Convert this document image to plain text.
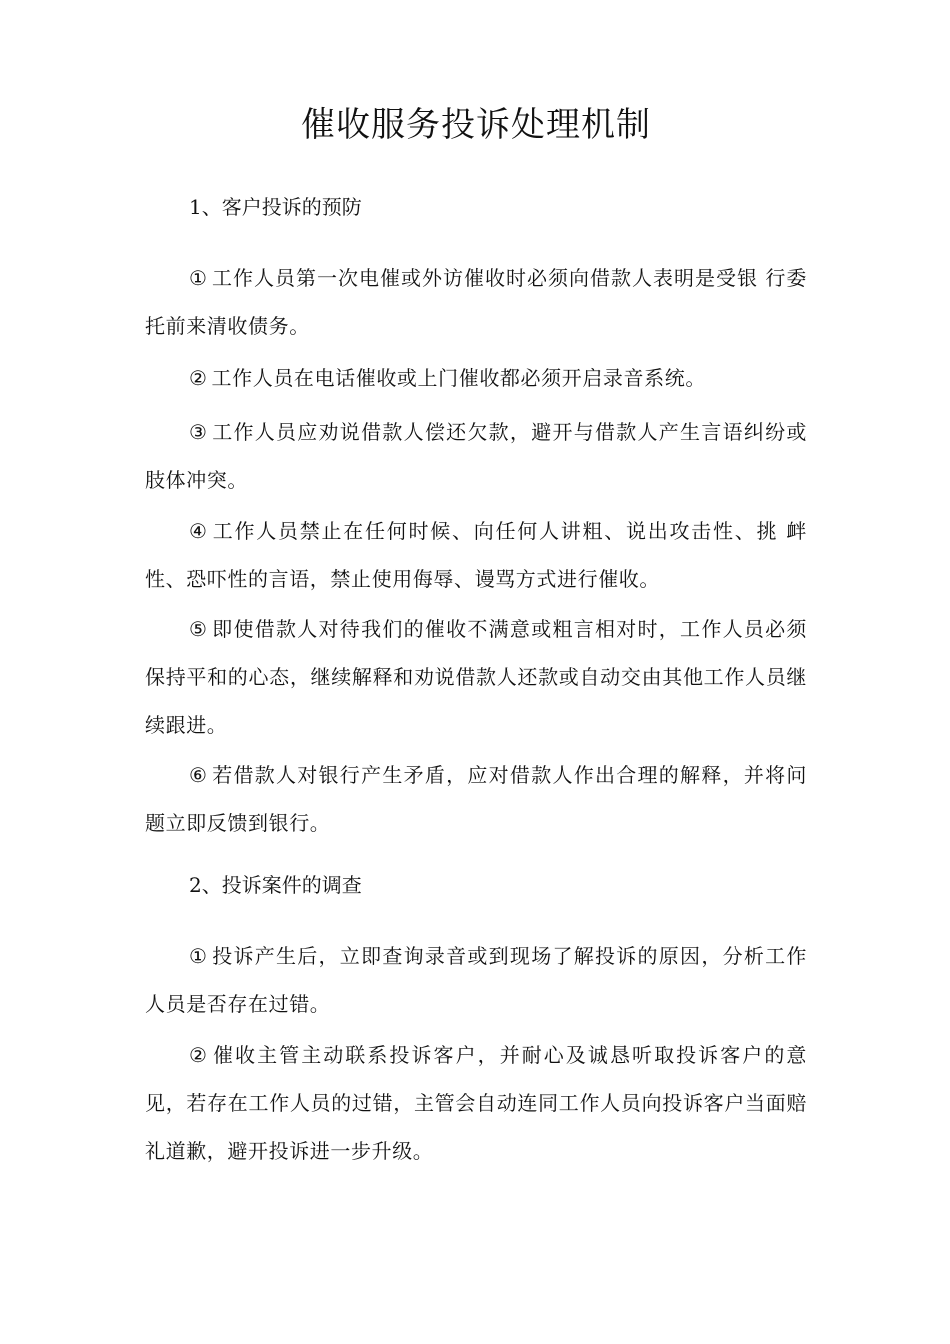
催收服务投诉处理机制
1、客户投诉的预防

① 工作人员第一次电催或外访催收时必须向借款人表明是受银 行委托前来清收债务。

② 工作人员在电话催收或上门催收都必须开启录音系统。

③ 工作人员应劝说借款人偿还欠款，避开与借款人产生言语纠纷或肢体冲突。

④ 工作人员禁止在任何时候、向任何人讲粗、说出攻击性、挑 衅性、恐吓性的言语，禁止使用侮辱、谩骂方式进行催收。

⑤ 即使借款人对待我们的催收不满意或粗言相对时，工作人员必须保持平和的心态，继续解释和劝说借款人还款或自动交由其他工作人员继续跟进。

⑥ 若借款人对银行产生矛盾，应对借款人作出合理的解释，并将问题立即反馈到银行。

2、投诉案件的调查

① 投诉产生后，立即查询录音或到现场了解投诉的原因，分析工作人员是否存在过错。

② 催收主管主动联系投诉客户，并耐心及诚恳听取投诉客户的意见，若存在工作人员的过错，主管会自动连同工作人员向投诉客户当面赔礼道歉，避开投诉进一步升级。
